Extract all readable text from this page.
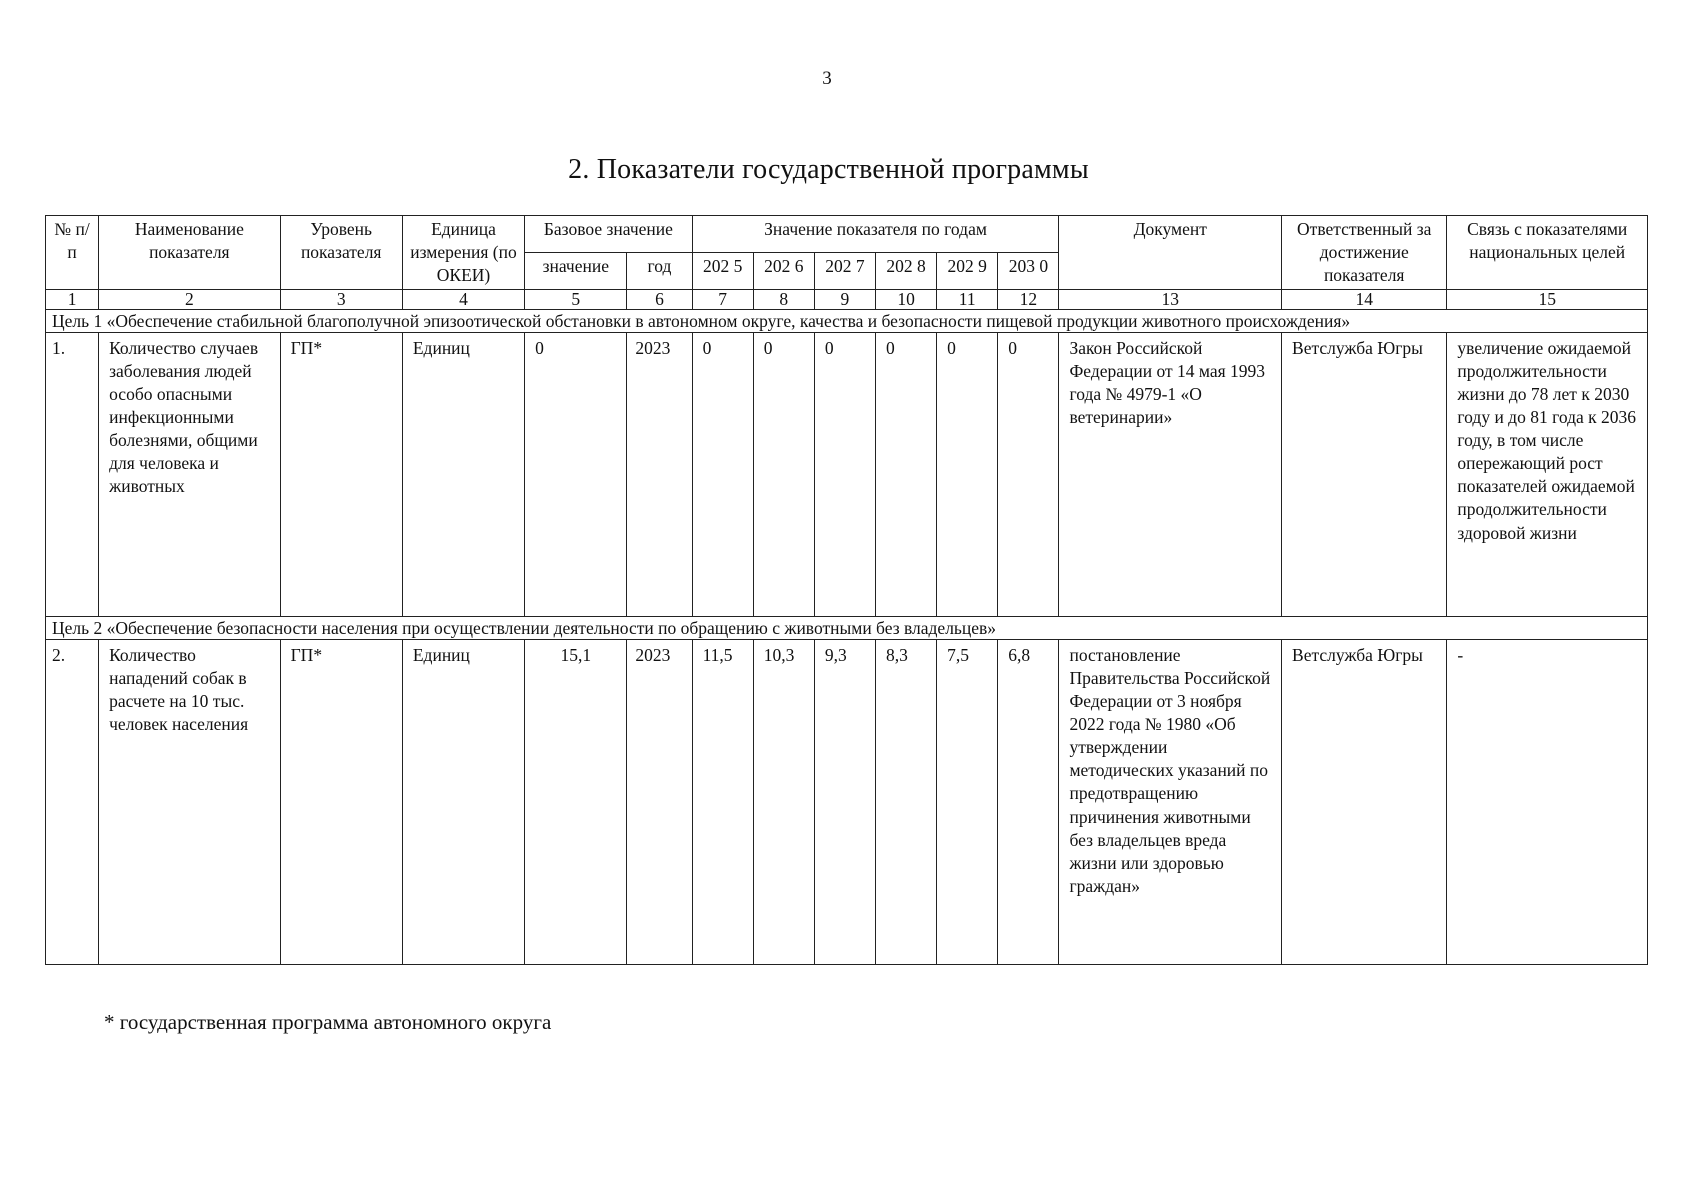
3
2. Показатели государственной программы
№ п/п	Наименование показателя	Уровень показателя	Единица измерения (по ОКЕИ)	Базовое значение		Значение показателя по годам						Документ	Ответственный за достижение показателя	Связь с показателями национальных целей
				значение	год	202 5	202 6	202 7	202 8	202 9	203 0			
1	2	3	4	5	6	7	8	9	10	11	12	13	14	15
Цель 1 «Обеспечение стабильной благополучной эпизоотической обстановки в автономном округе, качества и безопасности пищевой продукции животного происхождения»														
1.	Количество случаев заболевания людей особо опасными инфекционными болезнями, общими для человека и животных	ГП*	Единиц	0	2023	0	0	0	0	0	0	Закон Российской Федерации от 14 мая 1993 года № 4979-1 «О ветеринарии»	Ветслужба Югры	увеличение ожидаемой продолжительности жизни до 78 лет к 2030 году и до 81 года к 2036 году, в том числе опережающий рост показателей ожидаемой продолжительности здоровой жизни
Цель 2 «Обеспечение безопасности населения при осуществлении деятельности по обращению с животными без владельцев»														
2.	Количество нападений собак в расчете на 10 тыс. человек населения	ГП*	Единиц	15,1	2023	11,5	10,3	9,3	8,3	7,5	6,8	постановление Правительства Российской Федерации от 3 ноября 2022 года № 1980 «Об утверждении методических указаний по предотвращению причинения животными без владельцев вреда жизни или здоровью граждан»	Ветслужба Югры	-
* государственная программа автономного округа
